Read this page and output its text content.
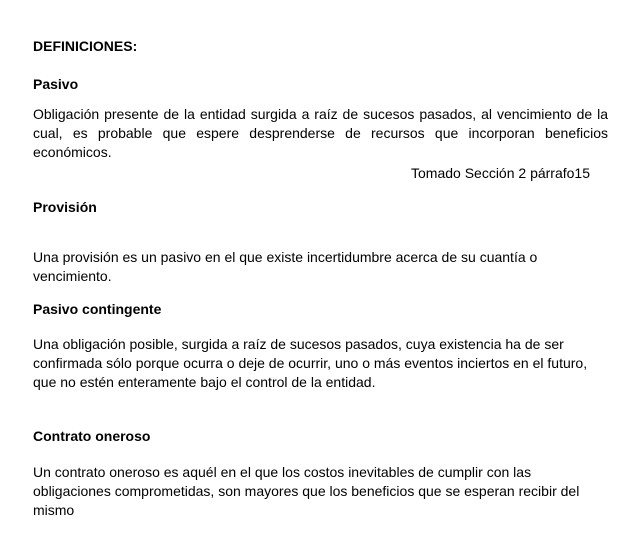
DEFINICIONES:
Pasivo

Obligación presente de la entidad surgida a raíz de sucesos pasados, al vencimiento de la cual, es probable que espere desprenderse de recursos que incorporan beneficios económicos.

Tomado Sección 2 párrafo15

Provisión

Una provisión es un pasivo en el que existe incertidumbre acerca de su cuantía o vencimiento.

Pasivo contingente

Una obligación posible, surgida a raíz de sucesos pasados, cuya existencia ha de ser confirmada sólo porque ocurra o deje de ocurrir, uno o más eventos inciertos en el futuro, que no estén enteramente bajo el control de la entidad.

Contrato oneroso

Un contrato oneroso es aquél en el que los costos inevitables de cumplir con las obligaciones comprometidas, son mayores que los beneficios que se esperan recibir del mismo
